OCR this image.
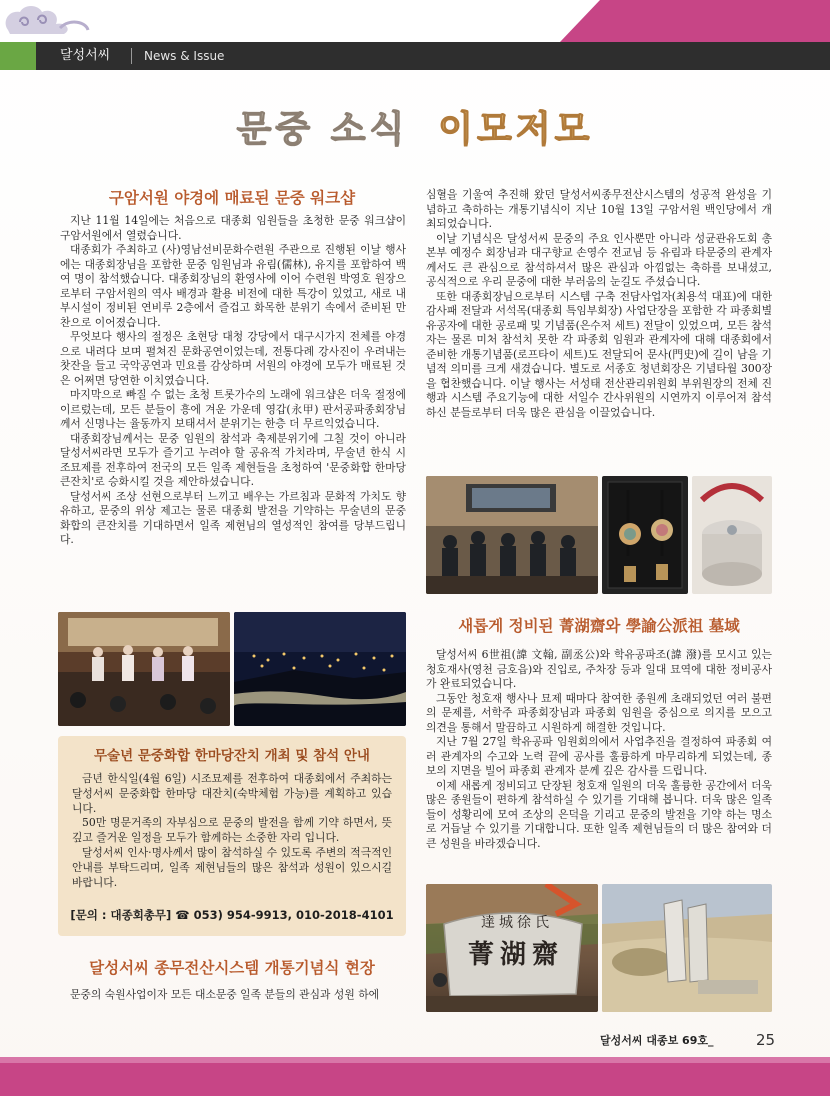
달성서씨	News & Issue
문중 소식 이모저모
구암서원 야경에 매료된 문중 워크샵

지난 11월 14일에는 처음으로 대종회 임원들을 초청한 문중 워크샵이 구암서원에서 열렸습니다.

대종회가 주최하고 (사)영남선비문화수련원 주관으로 진행된 이날 행사에는 대종회장님을 포함한 문중 임원님과 유림(儒林), 유지를 포함하여 백여 명이 참석했습니다. 대종회장님의 환영사에 이어 수련원 박영호 원장으로부터 구암서원의 역사 배경과 활용 비전에 대한 특강이 있었고, 새로 내부시설이 정비된 연비루 2층에서 즐겁고 화목한 분위기 속에서 준비된 만찬으로 이어졌습니다.

무엇보다 행사의 절정은 초현당 대청 강당에서 대구시가지 전체를 야경으로 내려다 보며 펼쳐진 문화공연이었는데, 전통다례 강사진이 우려내는 찻잔을 들고 국악공연과 민요를 감상하며 서원의 야경에 모두가 매료된 것은 어쩌면 당연한 이치였습니다.

마지막으로 빠질 수 없는 초청 트롯가수의 노래에 워크샵은 더욱 절정에 이르렀는데, 모든 분들이 흥에 겨운 가운데 영갑(永甲) 판서공파종회장님께서 신명나는 율동까지 보태셔서 분위기는 한층 더 무르익었습니다.

대종회장님께서는 문중 임원의 참석과 축제분위기에 그칠 것이 아니라 달성서씨라면 모두가 즐기고 누려야 할 공유적 가치라며, 무술년 한식 시조묘제를 전후하여 전국의 모든 일족 제현들을 초청하여 '문중화합 한마당 큰잔치'로 승화시킬 것을 제안하셨습니다.

달성서씨 조상 선현으로부터 느끼고 배우는 가르침과 문화적 가치도 향유하고, 문중의 위상 제고는 물론 대종회 발전을 기약하는 무술년의 문중 화합의 큰잔치를 기대하면서 일족 제현님의 열성적인 참여를 당부드립니다.

무술년 문중화합 한마당잔치 개최 및 참석 안내

금년 한식일(4월 6일) 시조묘제를 전후하여 대종회에서 주최하는 달성서씨 문중화합 한마당 대잔치(숙박체험 가능)를 계획하고 있습니다.

50만 명문거족의 자부심으로 문중의 발전을 함께 기약 하면서, 뜻 깊고 즐거운 일정을 모두가 함께하는 소중한 자리 입니다.

달성서씨 인사·명사께서 많이 참석하실 수 있도록 주변의 적극적인 안내를 부탁드리며, 일족 제현님들의 많은 참석과 성원이 있으시길 바랍니다.

[문의 : 대종회총무] ☎ 053) 954-9913, 010-2018-4101
달성서씨 종무전산시스템 개통기념식 현장

문중의 숙원사업이자 모든 대소문중 일족 분들의 관심과 성원 하에

심혈을 기울여 추진해 왔던 달성서씨종무전산시스템의 성공적 완성을 기념하고 축하하는 개통기념식이 지난 10월 13일 구암서원 백인당에서 개최되었습니다.

이날 기념식은 달성서씨 문중의 주요 인사뿐만 아니라 성균관유도회 총본부 예정수 회장님과 대구향교 손영수 전교님 등 유림과 타문중의 관계자께서도 큰 관심으로 참석하셔서 많은 관심과 아낌없는 축하를 보내셨고, 공식적으로 우리 문중에 대한 부러움의 눈길도 주셨습니다.

또한 대종회장님으로부터 시스템 구축 전담사업자(최용석 대표)에 대한 감사패 전달과 서석목(대종회 특임부회장) 사업단장을 포함한 각 파종회별 유공자에 대한 공로패 및 기념품(은수저 세트) 전달이 있었으며, 모든 참석자는 물론 미처 참석치 못한 각 파종회 임원과 관계자에 대해 대종회에서 준비한 개통기념품(로프타이 세트)도 전달되어 문사(門史)에 길이 남을 기념적 의미를 크게 새겼습니다. 별도로 서종호 청년회장은 기념타월 300장을 협찬했습니다. 이날 행사는 서성태 전산관리위원회 부위원장의 전체 진행과 시스템 주요기능에 대한 서일수 간사위원의 시연까지 이루어져 참석 하신 분들로부터 더욱 많은 관심을 이끌었습니다.

새롭게 정비된 菁湖齋와 學諭公派祖 墓域

달성서씨 6世祖(諱 文翰, 副丞公)와 학유공파조(諱 潑)를 모시고 있는 청호재사(영천 금호읍)와 진입로, 주차장 등과 일대 묘역에 대한 정비공사가 완료되었습니다.

그동안 청호재 행사나 묘제 때마다 참여한 종원께 초래되었던 여러 불편의 문제를, 서학주 파종회장님과 파종회 임원을 중심으로 의지를 모으고 의견을 통해서 말끔하고 시원하게 해결한 것입니다.

지난 7월 27일 학유공파 임원회의에서 사업추진을 결정하여 파종회 여러 관계자의 수고와 노력 끝에 공사를 훌륭하게 마무리하게 되었는데, 종보의 지면을 빌어 파종회 관계자 분께 깊은 감사를 드립니다.

이제 새롭게 정비되고 단장된 청호재 일원의 더욱 훌륭한 공간에서 더욱 많은 종원들이 편하게 참석하실 수 있기를 기대해 봅니다. 더욱 많은 일족들이 성황리에 모여 조상의 은덕을 기리고 문중의 발전을 기약 하는 명소로 거듭날 수 있기를 기대합니다. 또한 일족 제현님들의 더 많은 참여와 더 큰 성원을 바라겠습니다.

達城徐氏
菁湖齋
달성서씨 대종보 69호_	25
